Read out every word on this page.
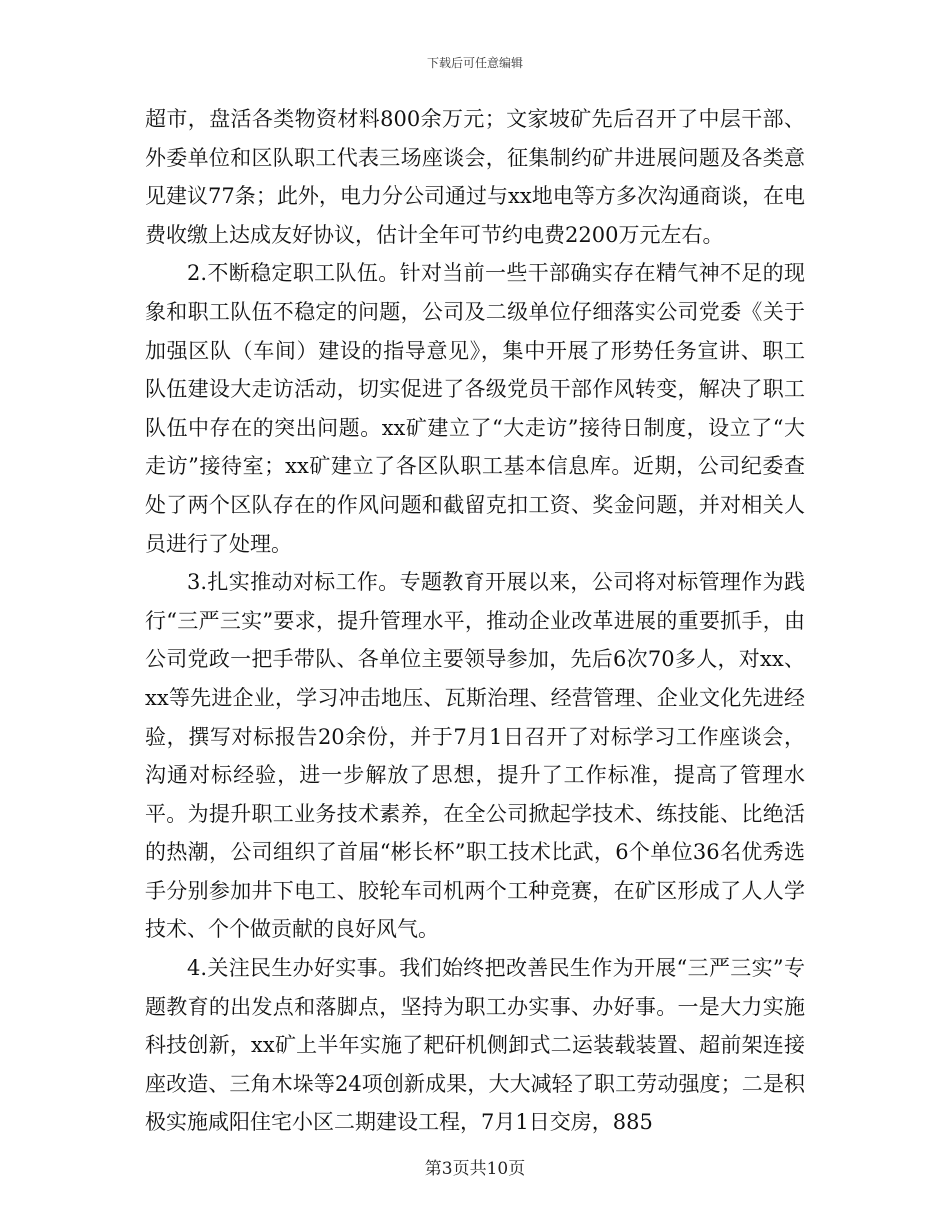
下载后可任意编辑

超市，盘活各类物资材料800余万元；文家坡矿先后召开了中层干部、外委单位和区队职工代表三场座谈会，征集制约矿井进展问题及各类意见建议77条；此外，电力分公司通过与xx地电等方多次沟通商谈，在电费收缴上达成友好协议，估计全年可节约电费2200万元左右。

2.不断稳定职工队伍。针对当前一些干部确实存在精气神不足的现象和职工队伍不稳定的问题，公司及二级单位仔细落实公司党委《关于加强区队（车间）建设的指导意见》，集中开展了形势任务宣讲、职工队伍建设大走访活动，切实促进了各级党员干部作风转变，解决了职工队伍中存在的突出问题。xx矿建立了“大走访”接待日制度，设立了“大走访”接待室；xx矿建立了各区队职工基本信息库。近期，公司纪委查处了两个区队存在的作风问题和截留克扣工资、奖金问题，并对相关人员进行了处理。

3.扎实推动对标工作。专题教育开展以来，公司将对标管理作为践行“三严三实”要求，提升管理水平，推动企业改革进展的重要抓手，由公司党政一把手带队、各单位主要领导参加，先后6次70多人，对xx、xx等先进企业，学习冲击地压、瓦斯治理、经营管理、企业文化先进经验，撰写对标报告20余份，并于7月1日召开了对标学习工作座谈会，沟通对标经验，进一步解放了思想，提升了工作标准，提高了管理水平。为提升职工业务技术素养，在全公司掀起学技术、练技能、比绝活的热潮，公司组织了首届“彬长杯”职工技术比武，6个单位36名优秀选手分别参加井下电工、胶轮车司机两个工种竞赛，在矿区形成了人人学技术、个个做贡献的良好风气。

4.关注民生办好实事。我们始终把改善民生作为开展“三严三实”专题教育的出发点和落脚点，坚持为职工办实事、办好事。一是大力实施科技创新，xx矿上半年实施了耙矸机侧卸式二运装载装置、超前架连接座改造、三角木垛等24项创新成果，大大减轻了职工劳动强度；二是积极实施咸阳住宅小区二期建设工程，7月1日交房，885

第3页共10页
